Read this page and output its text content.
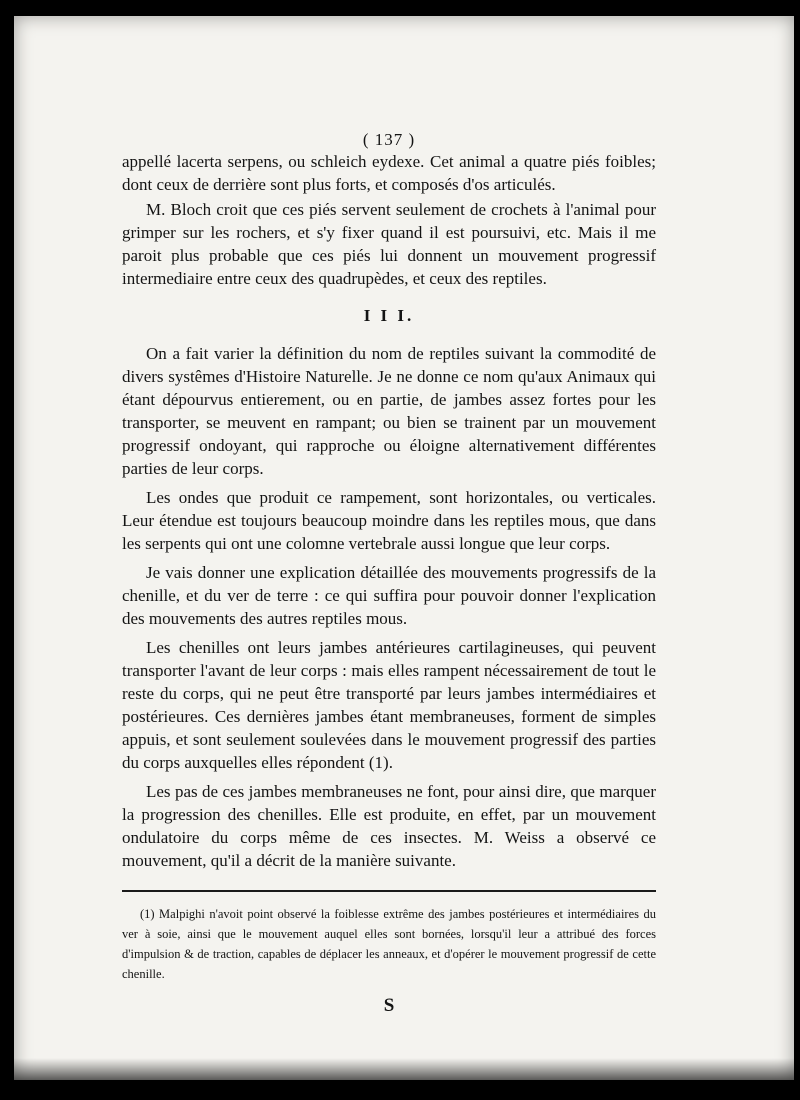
( 137 )

appellé lacerta serpens, ou schleich eydexe. Cet animal a quatre piés foibles; dont ceux de derrière sont plus forts, et composés d'os articulés.

M. Bloch croit que ces piés servent seulement de crochets à l'animal pour grimper sur les rochers, et s'y fixer quand il est poursuivi, etc. Mais il me paroit plus probable que ces piés lui donnent un mouvement progressif intermediaire entre ceux des quadrupèdes, et ceux des reptiles.

I I I.

On a fait varier la définition du nom de reptiles suivant la commodité de divers systêmes d'Histoire Naturelle. Je ne donne ce nom qu'aux Animaux qui étant dépourvus entierement, ou en partie, de jambes assez fortes pour les transporter, se meuvent en rampant; ou bien se trainent par un mouvement progressif ondoyant, qui rapproche ou éloigne alternativement différentes parties de leur corps.

Les ondes que produit ce rampement, sont horizontales, ou verticales. Leur étendue est toujours beaucoup moindre dans les reptiles mous, que dans les serpents qui ont une colomne vertebrale aussi longue que leur corps.

Je vais donner une explication détaillée des mouvements progressifs de la chenille, et du ver de terre : ce qui suffira pour pouvoir donner l'explication des mouvements des autres reptiles mous.

Les chenilles ont leurs jambes antérieures cartilagineuses, qui peuvent transporter l'avant de leur corps : mais elles rampent nécessairement de tout le reste du corps, qui ne peut être transporté par leurs jambes intermédiaires et postérieures. Ces dernières jambes étant membraneuses, forment de simples appuis, et sont seulement soulevées dans le mouvement progressif des parties du corps auxquelles elles répondent (1).

Les pas de ces jambes membraneuses ne font, pour ainsi dire, que marquer la progression des chenilles. Elle est produite, en effet, par un mouvement ondulatoire du corps même de ces insectes. M. Weiss a observé ce mouvement, qu'il a décrit de la manière suivante.

(1) Malpighi n'avoit point observé la foiblesse extrême des jambes postérieures et intermédiaires du ver à soie, ainsi que le mouvement auquel elles sont bornées, lorsqu'il leur a attribué des forces d'impulsion & de traction, capables de déplacer les anneaux, et d'opérer le mouvement progressif de cette chenille.

S
